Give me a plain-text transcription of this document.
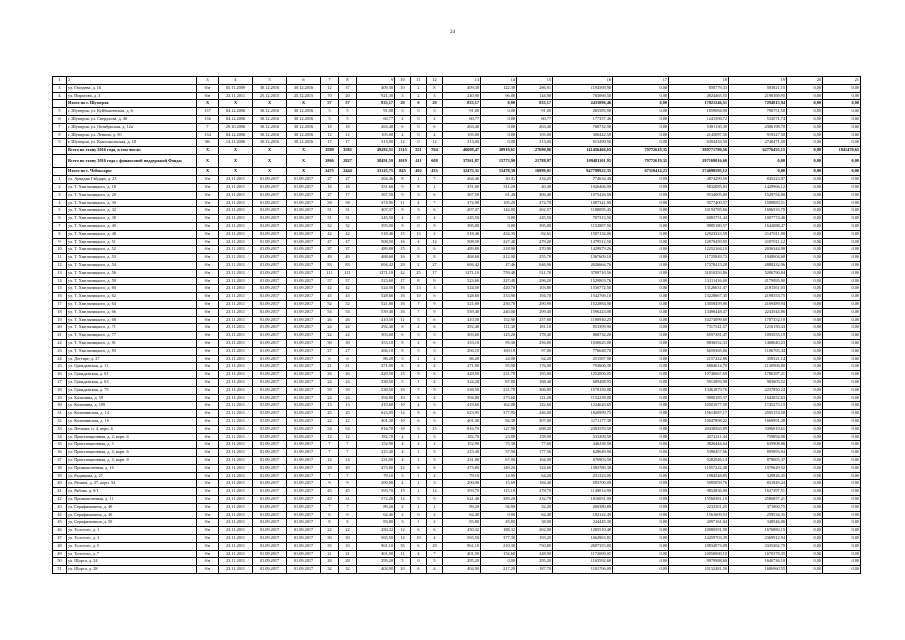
24
1	2	3	4	5	6	7	8	9	10	11	12	13	14	15	16	17	18	19	20	21
3	ул. Гвоздева, д. 16	б/н	05.11.2009	30.12.2016	30.12.2016	12	37	409,30	10	2	8	409,30	122,39	286,91	1194569,90	0,00	850779,33	583821,15	0,00	0,00
4	ул. Пирогова, д. 3	б/н	23.11.2011	25.12.2015	25.12.2015	70	20	921,30	5	2	3	240,90	96,00	144,90	703069,50	0,00	4924465,55	2190169,95	0,00	0,00
	Итого по г. Шумерля	X	X	X	X	57	57	833,17	29	0	29	833,17	0,00	833,17	2431096,46	0,00	17021246,51	7294815,94	0,00	0,00
5	г. Шумерля, ул. Куйбышевская, д. 6	137	04.12.2006	30.12.2016	30.12.2016	5	5	91,00	3	0	3	91,00	0,00	91,00	265585,90	0,00	1859084,90	796751,50	0,00	0,00
6	г. Шумерля, ул. Свердлова, д. 40	136	04.12.2006	30.12.2016	30.12.2016	5	5	60,77	2	0	2	60,77	0,00	60,77	177357,46	0,00	1241506,72	532071,74	0,00	0,00
7	г. Шумерля, ул. Октябрьская, д. 12а	7	29.10.2006	30.12.2016	30.12.2016	18	18	263,40	6	0	6	263,40	0,00	263,40	768732,90	0,00	5381130,30	2306198,70	0,00	0,00
8	г. Шумерля, ул. Ленина, д. 50	134	04.12.2006	30.12.2016	30.12.2016	12	12	105,00	4	0	4	105,00	0,00	105,00	306442,50	0,00	2145097,50	919327,50	0,00	0,00
9	г. Шумерля, ул. Комсомольская, д. 18	86	14.11.2006	30.12.2016	30.12.2016	17	17	313,00	12	0	12	313,00	0,00	313,00	913490,50	0,00	6394433,50	2740471,50	0,00	0,00
	Всего по этапу 2016 года, в том числе:	X	X	X	X	3599	3582	49282,51	1315	551	764	46609,47	20919,61	27690,86	141456466,65	79772619,35	389771780,56	62776455,15	0,00	1941470,65
	Всего по этапу 2016 года с финансовой поддержкой Фонда:	X	X	X	X	2866	2827	38491,59	1019	411	608	37561,87	15773,90	21788,97	109481101,95	79772619,35	297169016,60	0,00	0,00	0,00
	Итого по г. Чебоксары	X	X	X	X	2475	2444	33125,75	845	402	433	32475,31	15478,30	16999,01	947798922,35	67310414,23	274690595,12	0,00	0,00	0,00
1	ул. Аркадия Гайдара, д. 23	б/н	23.11.2011	01.09.2017	01.09.2017	27	27	264,46	8	1	7	264,46	30,31	234,25	774634,40	0,00	4874290,50	845223,07	0,00	0,00
2	ул. Т. Хмельницкого, д. 18	б/н	23.11.2011	01.09.2017	01.09.2017	16	16	351,60	9	8	1	351,60	311,20	40,40	1026466,90	0,00	6832085,83	1429966,12	0,00	0,00
3	ул. Т. Хмельницкого, д. 20	б/н	23.11.2011	01.09.2017	01.09.2017	27	17	367,50	9	3	6	367,50	61,40	306,40	1075426,50	0,00	9534005,80	1529754,00	0,00	0,00
4	ул. Т. Хмельницкого, д. 30	б/н	23.11.2011	01.09.2017	01.09.2017	58	58	374,90	11	4	7	374,90	105,20	274,70	1087341,90	0,00	9577400,57	1589883,51	0,00	0,00
5	ул. Т. Хмельницкого, д. 32	б/н	23.11.2011	01.09.2017	01.09.2017	31	31	407,37	9	3	6	407,37	144,80	262,57	1188095,45	0,00	10194785,66	1696533,79	0,00	0,00
6	ул. Т. Хмельницкого, д. 38	б/н	23.11.2011	01.09.2017	01.09.2017	31	31	245,50	4	0	4	245,50	0,00	245,50	707313,50	0,00	6083751,44	1007774,46	0,00	0,00
7	ул. Т. Хмельницкого, д. 40	б/н	23.11.2011	01.09.2017	01.09.2017	32	32	395,00	9	0	9	395,00	0,00	395,00	1152887,50	0,00	9885180,57	1642088,47	0,00	0,00
8	ул. Т. Хмельницкого, д. 48	б/н	23.11.2011	01.09.2017	01.09.2017	42	42	518,46	15	13	2	518,46	434,35	82,61	1507134,06	0,00	12923323,59	2147011,90	0,00	0,00
9	ул. Т. Хмельницкого, д. 51	б/н	23.11.2011	01.09.2017	01.09.2017	47	47	508,50	16	4	12	508,50	227,40	279,20	1479512,50	0,00	12679459,05	2107011,12	0,00	0,00
10	ул. Т. Хмельницкого, д. 52	б/н	23.11.2011	01.09.2017	01.09.2017	37	37	489,80	15	3	6	489,80	218,90	270,90	1429979,26	0,00	12252164,10	2036344,90	0,00	0,00
11	ул. Т. Хмельницкого, д. 53	б/н	23.11.2011	01.09.2017	01.09.2017	49	49	468,60	16	8	8	468,60	212,90	255,70	1367609,10	0,00	11725849,72	1948004,60	0,00	0,00
12	ул. Т. Хмельницкого, д. 54	б/н	23.11.2011	01.09.2017	01.09.2017	83	83	694,42	29	2	27	694,42	47,46	646,96	2026664,76	0,00	17378415,28	2888232,96	0,00	0,00
13	ул. Т. Хмельницкого, д. 56	б/н	23.11.2011	01.09.2017	01.09.2017	111	111	1271,10	42	25	17	1271,10	759,40	511,70	3709710,56	0,00	31810293,86	5286790,84	0,00	0,00
14	ул. Т. Хмельницкого, д. 59	б/н	23.11.2011	01.09.2017	01.09.2017	57	57	523,60	17	8	9	523,60	227,40	296,20	1529803,76	0,00	13111416,00	2179095,90	0,00	0,00
15	ул. Т. Хмельницкого, д. 60	б/н	23.11.2011	01.09.2017	01.09.2017	42	42	524,50	16	13	3	524,50	420,70	103,80	1530772,50	0,00	13126631,47	2181561,03	0,00	0,00
16	ул. Т. Хмельницкого, д. 62	б/н	23.11.2011	01.09.2017	01.09.2017	45	45	528,60	16	10	6	528,60	333,90	194,70	1542769,10	0,00	13228667,35	2198553,75	0,00	0,00
17	ул. Т. Хмельницкого, д. 64	б/н	23.11.2011	01.09.2017	01.09.2017	52	52	521,80	16	7	9	521,80	230,70	290,90	1522884,00	0,00	13058459,06	2169489,94	0,00	0,00
18	ул. Т. Хмельницкого, д. 66	б/н	23.11.2011	01.09.2017	01.09.2017	54	54	539,40	16	7	9	539,40	240,00	299,40	1596223,00	0,00	13498448,47	2243544,86	0,00	0,00
19	ул. Т. Хмельницкого, д. 68	б/н	23.11.2011	01.09.2017	01.09.2017	26	26	410,50	11	5	6	410,50	152,90	257,60	1198940,25	0,00	10273099,60	1707352,10	0,00	0,00
20	ул. Т. Хмельницкого, д. 71	б/н	23.11.2011	01.09.2017	01.09.2017	24	24	292,40	8	2	6	292,40	111,30	181,10	853399,90	0,00	7317541,57	1216150,43	0,00	0,00
21	ул. Т. Хмельницкого, д. 77	б/н	23.11.2011	01.09.2017	01.09.2017	22	22	303,60	6	3	3	303,60	125,20	178,40	868732,20	0,00	6597381,47	1093555,19	0,00	0,00
22	ул. Т. Хмельницкого, д. 81	б/н	23.11.2011	01.09.2017	01.09.2017	30	30	353,10	8	2	6	353,10	95,30	256,80	1030625,00	0,00	8836552,33	1468640,23	0,00	0,00
23	ул. Т. Хмельницкого, д. 83	б/н	23.11.2011	01.09.2017	01.09.2017	27	27	266,10	8	5	3	266,10	169,10	97,00	776648,70	0,00	6659365,06	1106765,44	0,00	0,00
24	ул. Дегтяре, д. 27	б/н	23.11.2011	01.09.2017	01.09.2017	6	6	86,20	3	1	2	86,20	24,00	62,20	251587,90	0,00	2157222,86	358521,14	0,00	0,00
25	ул. Гражданская, д. 11	б/н	23.11.2011	01.09.2017	01.09.2017	21	21	271,90	6	2	4	271,90	95,90	176,00	793606,30	0,00	6804614,70	1130906,80	0,00	0,00
26	ул. Гражданская, д. 61	б/н	23.11.2011	01.09.2017	01.09.2017	26	26	429,50	15	9	6	429,50	231,70	195,80	1252006,05	0,00	10748667,69	1786397,21	0,00	0,00
27	ул. Гражданская, д. 63	б/н	23.11.2011	01.09.2017	01.09.2017	24	24	338,50	5	1	4	324,20	87,80	168,40	689498,93	0,00	5912893,98	983603,52	0,00	0,00
28	ул. Гражданская, д. 79	б/н	23.11.2011	01.09.2017	01.09.2017	59	59	538,50	16	7	9	538,50	231,70	306,80	1570150,08	0,00	13461879,76	2237850,24	0,00	0,00
29	ул. Калинина, д. 59	б/н	23.11.2011	01.09.2017	01.09.2017	24	24	394,80	10	6	4	394,80	275,60	121,20	1152238,00	0,00	9880185,37	1642052,63	0,00	0,00
30	ул. Калинина, д. 109	б/н	23.11.2011	01.09.2017	01.09.2017	13	13	419,60	10	4	5	419,60	162,00	142,60	1224620,65	0,00	10501077,50	1745275,15	0,00	0,00
31	ул. Калининская, д. 14	б/н	23.11.2011	01.09.2017	01.09.2017	25	25	623,95	14	8	6	623,95	377,95	246,00	1820999,75	0,00	15614087,17	2595153,58	0,00	0,00
32	ул. Калининская, д. 16	б/н	23.11.2011	01.09.2017	01.09.2017	22	22	401,30	10	6	5	401,30	94,30	307,00	1171177,30	0,00	10047898,22	1669991,28	0,00	0,00
33	ул. Пескова, п. 4, корп. 6	б/н	23.11.2011	01.09.2017	01.09.2017	54	54	816,70	18	3	15	816,70	127,90	688,20	2383559,50	0,00	20438565,89	3396819,61	0,00	0,00
34	ул. Пристанционная, д. 2, корп. 6	б/н	23.11.2011	01.09.2017	01.09.2017	12	12	182,70	4	1	3	182,70	23,80	158,90	533209,50	0,00	4572211,44	759894,06	0,00	0,00
35	ул. Пристанционная, д. 3	б/н	23.11.2011	01.09.2017	01.09.2017	7	7	152,90	4	2	2	152,90	75,30	77,60	446238,50	0,00	3826444,64	635908,86	0,00	0,00
36	ул. Пристанционная, д. 4, корп. 6	б/н	23.11.2011	01.09.2017	01.09.2017	7	7	215,40	4	1	3	215,40	37,90	177,50	628649,90	0,00	5390457,66	895893,94	0,00	0,00
37	ул. Пристанционная, д. 4, корп. 8	б/н	23.11.2011	01.09.2017	01.09.2017	14	14	231,00	4	1	3	231,00	67,00	164,00	676903,50	0,00	5282946,14	878005,37	0,00	0,00
38	ул. Промышленная, д. 16	б/н	23.11.2011	01.09.2017	01.09.2017	29	29	473,80	12	6	6	473,80	149,20	124,60	1382780,30	0,00	11857222,48	1970629,52	0,00	0,00
39	ул. Радищева, д. 27	б/н	23.11.2011	01.09.2017	01.09.2017	7	7	79,10	3	1	2	79,10	14,90	64,20	231323,00	0,00	1984548,85	329826,45	0,00	0,00
40	ул. Репина, д. 37, корп. 34	б/н	23.11.2011	01.09.2017	01.09.2017	9	9	200,00	4	1	3	200,00	15,60	184,40	583700,00	0,00	5005059,76	831849,24	0,00	0,00
41	ул. Рябова, д. 9/1	б/н	23.11.2011	01.09.2017	01.09.2017	45	45	393,70	15	1	14	393,70	115,10	278,70	1149014,90	0,00	9852856,90	1637497,51	0,00	0,00
42	ул. Промышленная, д. 11	б/н	23.11.2011	01.09.2017	01.09.2017	43	31	572,20	14	5	9	621,40	389,20	232,70	1816051,90	0,00	15560381,18	2586857,21	0,00	0,00
43	ул. Серафимовича, д. 46	б/н	23.11.2011	01.09.2017	01.09.2017	7	7	89,20	2	1	1	89,20	56,90	32,20	260380,80	0,00	2232301,25	371000,75	0,00	0,00
44	ул. Серафимовича, д. 46	б/н	23.11.2011	01.09.2017	01.09.2017	6	6	62,40	2	0	2	62,40	0,00	62,40	182122,40	0,00	1561609,53	259534,35	0,00	0,00
45	ул. Серафимовича, д. 50	б/н	23.11.2011	01.09.2017	01.09.2017	8	8	83,80	3	1	2	83,80	45,80	38,00	244445,30	0,00	2097161,04	348546,06	0,00	0,00
46	ул. Толстого, д. 1	б/н	23.11.2011	01.09.2017	01.09.2017	22	22	450,32	12	6	6	450,32	188,32	262,00	1285510,48	0,00	10080591,90	1676880,15	0,00	0,00
47	ул. Толстого, д. 3	б/н	23.11.2011	01.09.2017	01.09.2017	30	30	565,50	14	10	4	565,50	377,30	193,20	1662963,81	0,00	14259703,39	2369912,94	0,00	0,00
48	ул. Толстого, д. 5	б/н	23.11.2011	01.09.2017	01.09.2017	35	33	961,10	35	6	29	961,10	210,30	750,80	2697355,80	0,00	18834973,09	3335262,79	0,00	0,00
49	ул. Толстого, д. 7	б/н	23.11.2011	01.09.2017	01.09.2017	21	21	401,50	11	4	7	401,50	152,60	248,90	1172009,05	0,00	10050000,10	1670378,35	0,00	0,00
50	ул. Щорса, д. 24	б/н	23.11.2011	01.09.2017	01.09.2017	28	28	295,20	5	0	5	295,20	0,00	295,20	1163592,60	0,00	9979988,60	1640736,10	0,00	0,00
51	ул. Щорса, д. 28	б/н	23.11.2011	01.09.2017	01.09.2017	32	32	404,90	10	6	4	404,90	217,20	187,70	1181706,00	0,00	10132481,50	1686960,55	0,00	0,00
